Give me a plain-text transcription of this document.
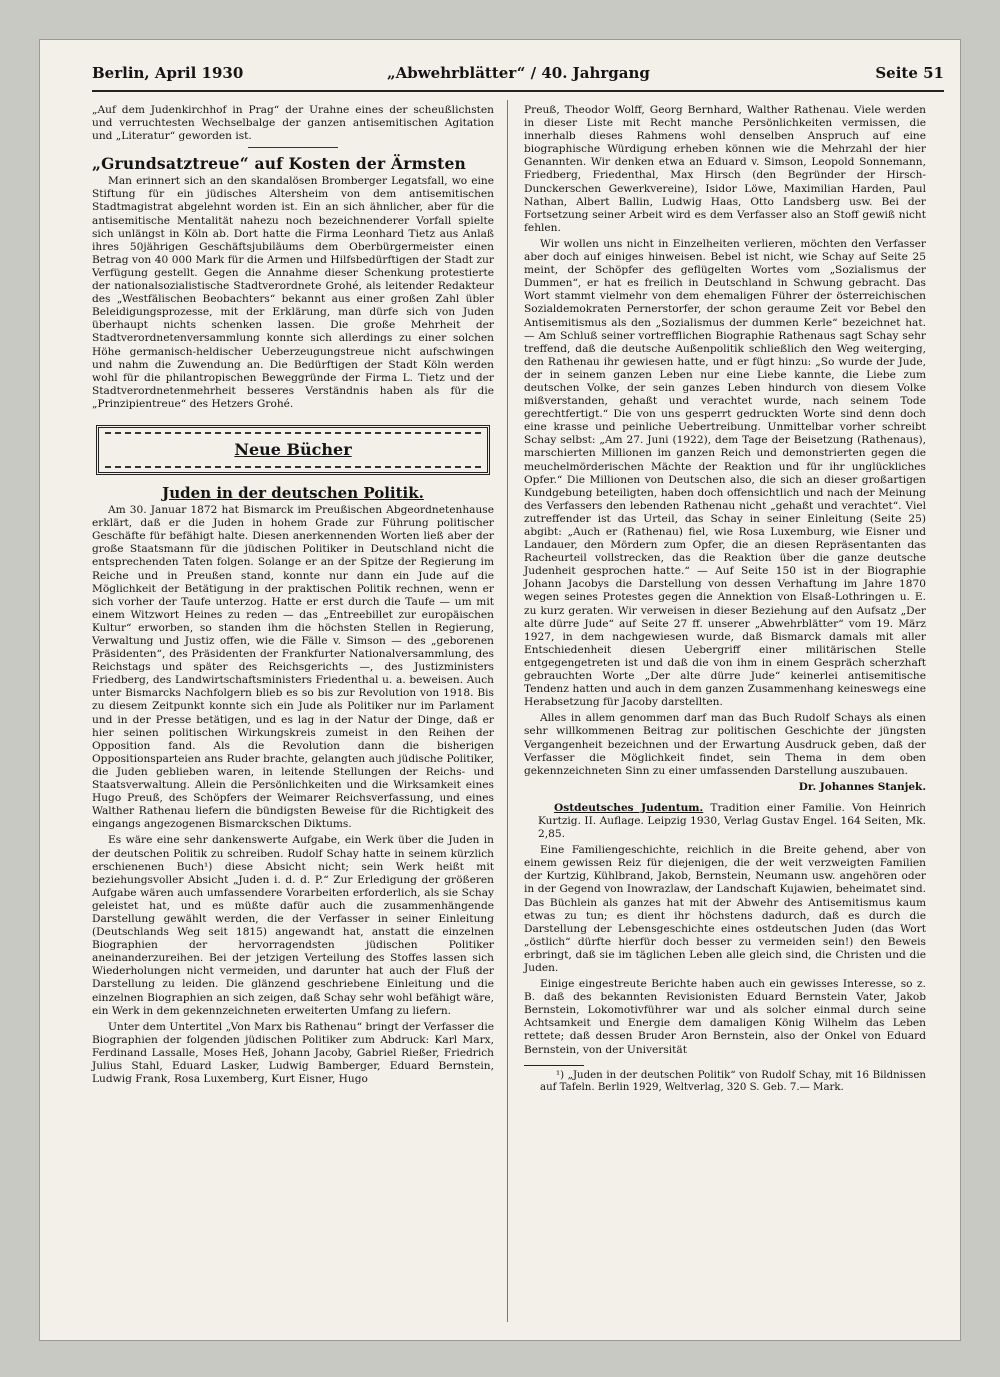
Berlin, April 1930	„Abwehrblätter“ / 40. Jahrgang	Seite 51

„Auf dem Judenkirchhof in Prag“ der Urahne eines der scheußlichsten und verruchtesten Wechselbalge der ganzen antisemitischen Agitation und „Literatur“ geworden ist.

„Grundsatztreue“ auf Kosten der Ärmsten

Man erinnert sich an den skandalösen Bromberger Legatsfall, wo eine Stiftung für ein jüdisches Altersheim von dem antisemitischen Stadtmagistrat abgelehnt worden ist. Ein an sich ähnlicher, aber für die antisemitische Mentalität nahezu noch bezeichnenderer Vorfall spielte sich unlängst in Köln ab. Dort hatte die Firma Leonhard Tietz aus Anlaß ihres 50jährigen Geschäftsjubiläums dem Oberbürgermeister einen Betrag von 40 000 Mark für die Armen und Hilfsbedürftigen der Stadt zur Verfügung gestellt. Gegen die Annahme dieser Schenkung protestierte der nationalsozialistische Stadtverordnete Grohé, als leitender Redakteur des „Westfälischen Beobachters“ bekannt aus einer großen Zahl übler Beleidigungsprozesse, mit der Erklärung, man dürfe sich von Juden überhaupt nichts schenken lassen. Die große Mehrheit der Stadtverordnetenversammlung konnte sich allerdings zu einer solchen Höhe germanisch-heldischer Ueberzeugungstreue nicht aufschwingen und nahm die Zuwendung an. Die Bedürftigen der Stadt Köln werden wohl für die philantropischen Beweggründe der Firma L. Tietz und der Stadtverordnetenmehrheit besseres Verständnis haben als für die „Prinzipientreue“ des Hetzers Grohé.

Neue Bücher
Juden in der deutschen Politik.

Am 30. Januar 1872 hat Bismarck im Preußischen Abgeordnetenhause erklärt, daß er die Juden in hohem Grade zur Führung politischer Geschäfte für befähigt halte. Diesen anerkennenden Worten ließ aber der große Staatsmann für die jüdischen Politiker in Deutschland nicht die entsprechenden Taten folgen. Solange er an der Spitze der Regierung im Reiche und in Preußen stand, konnte nur dann ein Jude auf die Möglichkeit der Betätigung in der praktischen Politik rechnen, wenn er sich vorher der Taufe unterzog. Hatte er erst durch die Taufe — um mit einem Witzwort Heines zu reden — das „Entreebillet zur europäischen Kultur“ erworben, so standen ihm die höchsten Stellen in Regierung, Verwaltung und Justiz offen, wie die Fälle v. Simson — des „geborenen Präsidenten“, des Präsidenten der Frankfurter Nationalversammlung, des Reichstags und später des Reichsgerichts —, des Justizministers Friedberg, des Landwirtschaftsministers Friedenthal u. a. beweisen. Auch unter Bismarcks Nachfolgern blieb es so bis zur Revolution von 1918. Bis zu diesem Zeitpunkt konnte sich ein Jude als Politiker nur im Parlament und in der Presse betätigen, und es lag in der Natur der Dinge, daß er hier seinen politischen Wirkungskreis zumeist in den Reihen der Opposition fand. Als die Revolution dann die bisherigen Oppositionsparteien ans Ruder brachte, gelangten auch jüdische Politiker, die Juden geblieben waren, in leitende Stellungen der Reichs- und Staatsverwaltung. Allein die Persönlichkeiten und die Wirksamkeit eines Hugo Preuß, des Schöpfers der Weimarer Reichsverfassung, und eines Walther Rathenau liefern die bündigsten Beweise für die Richtigkeit des eingangs angezogenen Bismarckschen Diktums.

Es wäre eine sehr dankenswerte Aufgabe, ein Werk über die Juden in der deutschen Politik zu schreiben. Rudolf Schay hatte in seinem kürzlich erschienenen Buch¹) diese Absicht nicht; sein Werk heißt mit beziehungsvoller Absicht „Juden i. d. d. P.“ Zur Erledigung der größeren Aufgabe wären auch umfassendere Vorarbeiten erforderlich, als sie Schay geleistet hat, und es müßte dafür auch die zusammenhängende Darstellung gewählt werden, die der Verfasser in seiner Einleitung (Deutschlands Weg seit 1815) angewandt hat, anstatt die einzelnen Biographien der hervorragendsten jüdischen Politiker aneinanderzureihen. Bei der jetzigen Verteilung des Stoffes lassen sich Wiederholungen nicht vermeiden, und darunter hat auch der Fluß der Darstellung zu leiden. Die glänzend geschriebene Einleitung und die einzelnen Biographien an sich zeigen, daß Schay sehr wohl befähigt wäre, ein Werk in dem gekennzeichneten erweiterten Umfang zu liefern.

Unter dem Untertitel „Von Marx bis Rathenau“ bringt der Verfasser die Biographien der folgenden jüdischen Politiker zum Abdruck: Karl Marx, Ferdinand Lassalle, Moses Heß, Johann Jacoby, Gabriel Rießer, Friedrich Julius Stahl, Eduard Lasker, Ludwig Bamberger, Eduard Bernstein, Ludwig Frank, Rosa Luxemberg, Kurt Eisner, Hugo

Preuß, Theodor Wolff, Georg Bernhard, Walther Rathenau. Viele werden in dieser Liste mit Recht manche Persönlichkeiten vermissen, die innerhalb dieses Rahmens wohl denselben Anspruch auf eine biographische Würdigung erheben können wie die Mehrzahl der hier Genannten. Wir denken etwa an Eduard v. Simson, Leopold Sonnemann, Friedberg, Friedenthal, Max Hirsch (den Begründer der Hirsch-Dunckerschen Gewerkvereine), Isidor Löwe, Maximilian Harden, Paul Nathan, Albert Ballin, Ludwig Haas, Otto Landsberg usw. Bei der Fortsetzung seiner Arbeit wird es dem Verfasser also an Stoff gewiß nicht fehlen.

Wir wollen uns nicht in Einzelheiten verlieren, möchten den Verfasser aber doch auf einiges hinweisen. Bebel ist nicht, wie Schay auf Seite 25 meint, der Schöpfer des geflügelten Wortes vom „Sozialismus der Dummen“, er hat es freilich in Deutschland in Schwung gebracht. Das Wort stammt vielmehr von dem ehemaligen Führer der österreichischen Sozialdemokraten Pernerstorfer, der schon geraume Zeit vor Bebel den Antisemitismus als den „Sozialismus der dummen Kerle“ bezeichnet hat. — Am Schluß seiner vortrefflichen Biographie Rathenaus sagt Schay sehr treffend, daß die deutsche Außenpolitik schließlich den Weg weiterging, den Rathenau ihr gewiesen hatte, und er fügt hinzu: „So wurde der Jude, der in seinem ganzen Leben nur eine Liebe kannte, die Liebe zum deutschen Volke, der sein ganzes Leben hindurch von diesem Volke mißverstanden, gehaßt und verachtet wurde, nach seinem Tode gerechtfertigt.“ Die von uns gesperrt gedruckten Worte sind denn doch eine krasse und peinliche Uebertreibung. Unmittelbar vorher schreibt Schay selbst: „Am 27. Juni (1922), dem Tage der Beisetzung (Rathenaus), marschierten Millionen im ganzen Reich und demonstrierten gegen die meuchelmörderischen Mächte der Reaktion und für ihr unglückliches Opfer.“ Die Millionen von Deutschen also, die sich an dieser großartigen Kundgebung beteiligten, haben doch offensichtlich und nach der Meinung des Verfassers den lebenden Rathenau nicht „gehaßt und verachtet“. Viel zutreffender ist das Urteil, das Schay in seiner Einleitung (Seite 25) abgibt: „Auch er (Rathenau) fiel, wie Rosa Luxemburg, wie Eisner und Landauer, den Mördern zum Opfer, die an diesen Repräsentanten das Racheurteil vollstrecken, das die Reaktion über die ganze deutsche Judenheit gesprochen hatte.“ — Auf Seite 150 ist in der Biographie Johann Jacobys die Darstellung von dessen Verhaftung im Jahre 1870 wegen seines Protestes gegen die Annektion von Elsaß-Lothringen u. E. zu kurz geraten. Wir verweisen in dieser Beziehung auf den Aufsatz „Der alte dürre Jude“ auf Seite 27 ff. unserer „Abwehrblätter“ vom 19. März 1927, in dem nachgewiesen wurde, daß Bismarck damals mit aller Entschiedenheit diesen Uebergriff einer militärischen Stelle entgegengetreten ist und daß die von ihm in einem Gespräch scherzhaft gebrauchten Worte „Der alte dürre Jude“ keinerlei antisemitische Tendenz hatten und auch in dem ganzen Zusammenhang keineswegs eine Herabsetzung für Jacoby darstellten.

Alles in allem genommen darf man das Buch Rudolf Schays als einen sehr willkommenen Beitrag zur politischen Geschichte der jüngsten Vergangenheit bezeichnen und der Erwartung Ausdruck geben, daß der Verfasser die Möglichkeit findet, sein Thema in dem oben gekennzeichneten Sinn zu einer umfassenden Darstellung auszubauen.

Dr. Johannes Stanjek.

Ostdeutsches Judentum. Tradition einer Familie. Von Heinrich Kurtzig. II. Auflage. Leipzig 1930, Verlag Gustav Engel. 164 Seiten, Mk. 2,85.

Eine Familiengeschichte, reichlich in die Breite gehend, aber von einem gewissen Reiz für diejenigen, die der weit verzweigten Familien der Kurtzig, Kühlbrand, Jakob, Bernstein, Neumann usw. angehören oder in der Gegend von Inowrazlaw, der Landschaft Kujawien, beheimatet sind. Das Büchlein als ganzes hat mit der Abwehr des Antisemitismus kaum etwas zu tun; es dient ihr höchstens dadurch, daß es durch die Darstellung der Lebensgeschichte eines ostdeutschen Juden (das Wort „östlich“ dürfte hierfür doch besser zu vermeiden sein!) den Beweis erbringt, daß sie im täglichen Leben alle gleich sind, die Christen und die Juden.

Einige eingestreute Berichte haben auch ein gewisses Interesse, so z. B. daß des bekannten Revisionisten Eduard Bernstein Vater, Jakob Bernstein, Lokomotivführer war und als solcher einmal durch seine Achtsamkeit und Energie dem damaligen König Wilhelm das Leben rettete; daß dessen Bruder Aron Bernstein, also der Onkel von Eduard Bernstein, von der Universität

¹) „Juden in der deutschen Politik“ von Rudolf Schay, mit 16 Bildnissen auf Tafeln. Berlin 1929, Weltverlag, 320 S. Geb. 7.— Mark.
